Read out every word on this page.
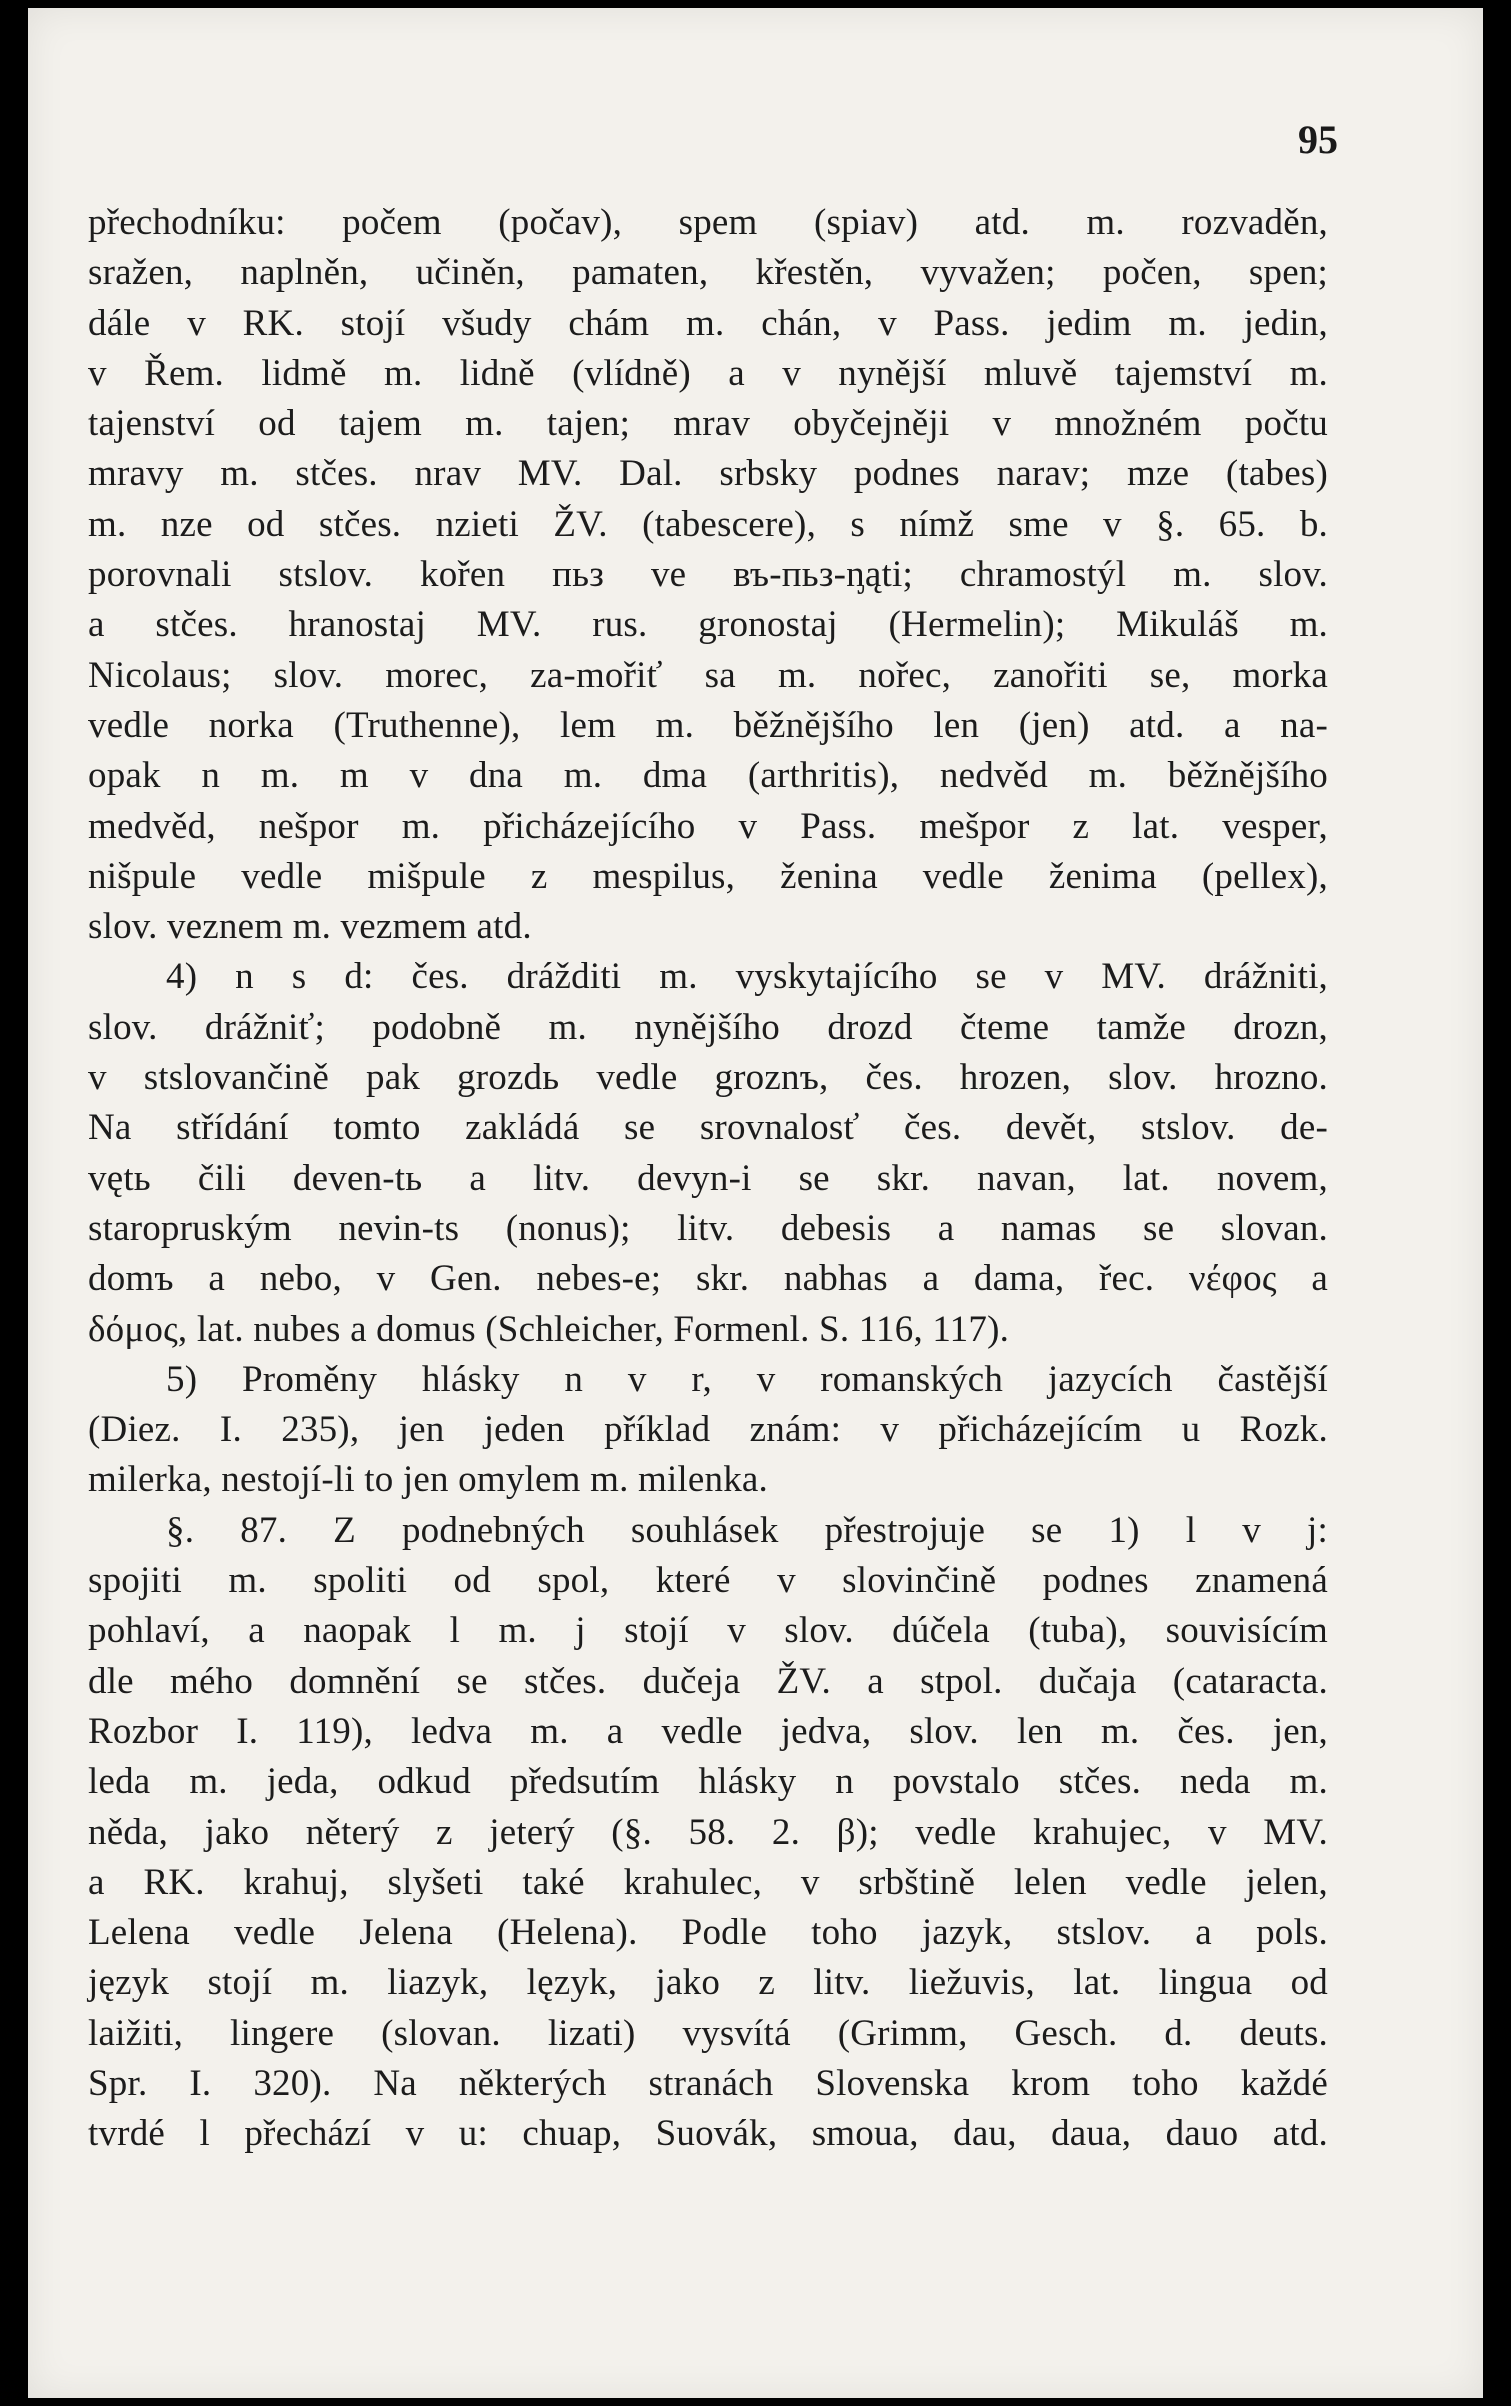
95
přechodníku: počem (počav), spem (spiav) atd. m. rozvaděn,
sražen, naplněn, učiněn, pamaten, křestěn, vyvažen; počen, spen;
dále v RK. stojí všudy chám m. chán, v Pass. jedim m. jedin,
v Řem. lidmě m. lidně (vlídně) a v nynější mluvě tajemství m.
tajenství od tajem m. tajen; mrav obyčejněji v množném počtu
mravy m. stčes. nrav MV. Dal. srbsky podnes narav; mze (tabes)
m. nze od stčes. nzieti ŽV. (tabescere), s nímž sme v §. 65. b.
porovnali stslov. kořen пьз ve въ-пьз-ᶇąti; chramostýl m. slov.
a stčes. hranostaj MV. rus. gronostaj (Hermelin); Mikuláš m.
Nicolaus; slov. morec, za-mořiť sa m. nořec, zanořiti se, morka
vedle norka (Truthenne), lem m. běžnějšího len (jen) atd. a na-
opak n m. m v dna m. dma (arthritis), nedvěd m. běžnějšího
medvěd, nešpor m. přicházejícího v Pass. mešpor z lat. vesper,
nišpule vedle mišpule z mespilus, ženina vedle ženima (pellex),
slov. veznem m. vezmem atd.
4) n s d: čes. drážditi m. vyskytajícího se v MV. drážniti,
slov. drážniť; podobně m. nynějšího drozd čteme tamže drozn,
v stslovančině pak grozdь vedle groznъ, čes. hrozen, slov. hrozno.
Na střídání tomto zakládá se srovnalosť čes. devět, stslov. de-
vętь čili deven-tь a litv. devyn-i se skr. navan, lat. novem,
staropruským nevin-ts (nonus); litv. debesis a namas se slovan.
domъ a nebo, v Gen. nebes-e; skr. nabhas a dama, řec. νέφος a
δόμος, lat. nubes a domus (Schleicher, Formenl. S. 116, 117).
5) Proměny hlásky n v r, v romanských jazycích častější
(Diez. I. 235), jen jeden příklad znám: v přicházejícím u Rozk.
milerka, nestojí-li to jen omylem m. milenka.
§. 87. Z podnebných souhlásek přestrojuje se 1) l v j:
spojiti m. spoliti od spol, které v slovinčině podnes znamená
pohlaví, a naopak l m. j stojí v slov. dúčela (tuba), souvisícím
dle mého domnění se stčes. dučeja ŽV. a stpol. dučaja (cataracta.
Rozbor I. 119), ledva m. a vedle jedva, slov. len m. čes. jen,
leda m. jeda, odkud předsutím hlásky n povstalo stčes. neda m.
něda, jako něterý z jeterý (§. 58. 2. β); vedle krahujec, v MV.
a RK. krahuj, slyšeti také krahulec, v srbštině lelen vedle jelen,
Lelena vedle Jelena (Helena). Podle toho jazyk, stslov. a pols.
język stojí m. liazyk, lęzyk, jako z litv. liežuvis, lat. lingua od
laižiti, lingere (slovan. lizati) vysvítá (Grimm, Gesch. d. deuts.
Spr. I. 320). Na některých stranách Slovenska krom toho každé
tvrdé l přechází v u: chuap, Suovák, smoua, dau, daua, dauo atd.
